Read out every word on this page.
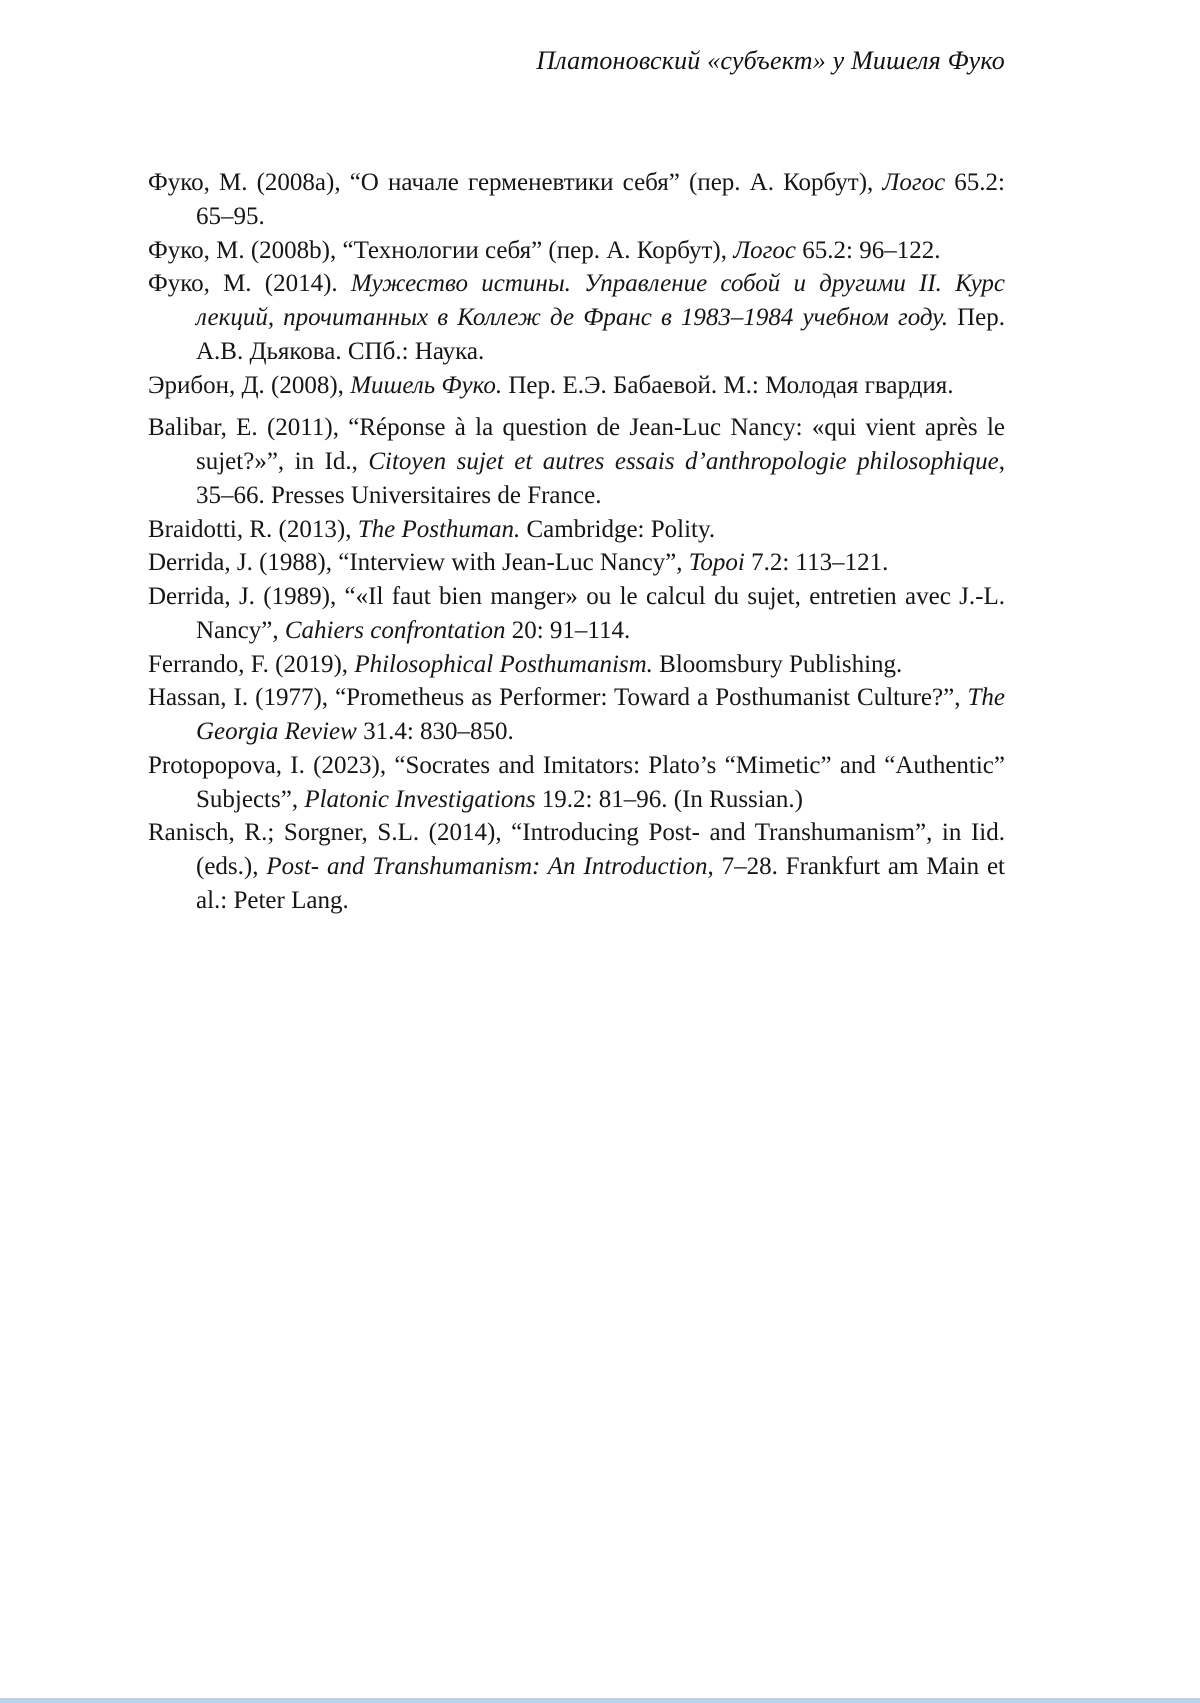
Платоновский «субъект» у Мишеля Фуко

Фуко, М. (2008a), “О начале герменевтики себя” (пер. А. Корбут), Логос 65.2: 65–95.

Фуко, М. (2008b), “Технологии себя” (пер. А. Корбут), Логос 65.2: 96–122.

Фуко, М. (2014). Мужество истины. Управление собой и другими II. Курс лекций, прочитанных в Коллеж де Франс в 1983–1984 учебном году. Пер. А.В. Дьякова. СПб.: Наука.

Эрибон, Д. (2008), Мишель Фуко. Пер. Е.Э. Бабаевой. М.: Молодая гвардия.

Balibar, E. (2011), “Réponse à la question de Jean-Luc Nancy: «qui vient après le sujet?»”, in Id., Citoyen sujet et autres essais d’anthropologie philosophique, 35–66. Presses Universitaires de France.

Braidotti, R. (2013), The Posthuman. Cambridge: Polity.

Derrida, J. (1988), “Interview with Jean-Luc Nancy”, Topoi 7.2: 113–121.

Derrida, J. (1989), “«Il faut bien manger» ou le calcul du sujet, entretien avec J.-L. Nancy”, Cahiers confrontation 20: 91–114.

Ferrando, F. (2019), Philosophical Posthumanism. Bloomsbury Publishing.

Hassan, I. (1977), “Prometheus as Performer: Toward a Posthumanist Culture?”, The Georgia Review 31.4: 830–850.

Protopopova, I. (2023), “Socrates and Imitators: Plato’s “Mimetic” and “Authentic” Subjects”, Platonic Investigations 19.2: 81–96. (In Russian.)

Ranisch, R.; Sorgner, S.L. (2014), “Introducing Post- and Transhumanism”, in Iid. (eds.), Post- and Transhumanism: An Introduction, 7–28. Frankfurt am Main et al.: Peter Lang.
